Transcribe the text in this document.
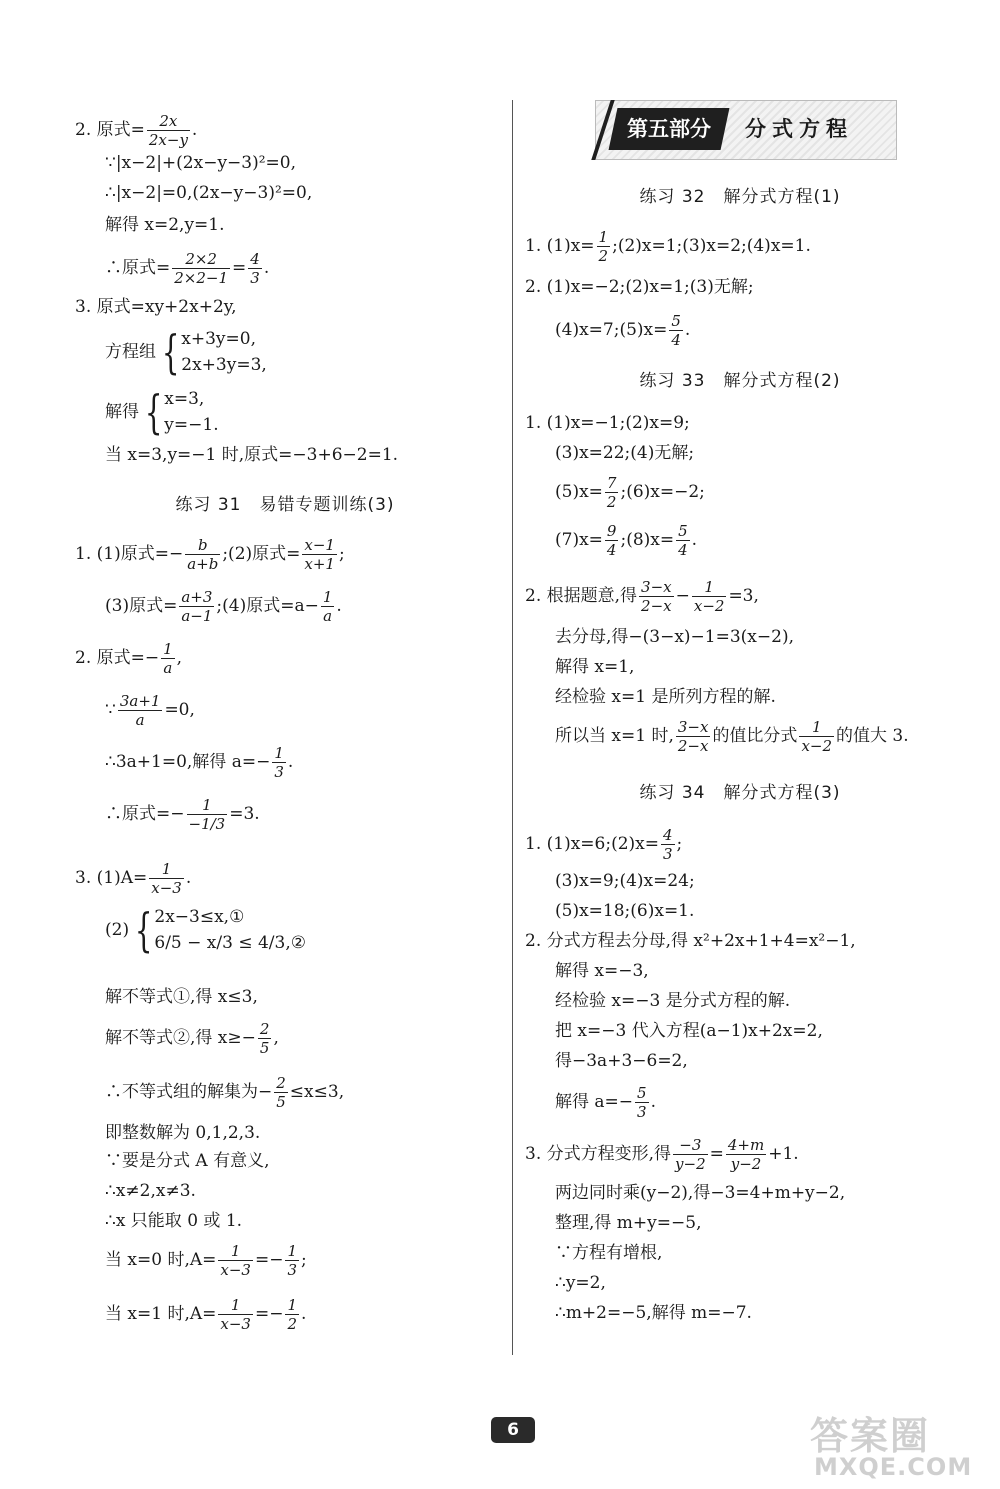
2. 原式= $\frac{2x}{2x-y}$ .
∵|x−2|+(2x−y−3)²=0,
∴|x−2|=0,(2x−y−3)²=0,
解得 x=2,y=1.
∴原式= $\frac{2\times 2}{2\times 2-1} = \frac{4}{3}$ .
3. 原式=xy+2x+2y,
方程组 { x+3y=0,
2x+3y=3,
解得 { x=3,
y=−1.
当 x=3,y=−1 时,原式=−3+6−2=1.
练习 31　易错专题训练(3)
1. (1)原式=− $\frac{b}{a+b}$ ;(2)原式= $\frac{x-1}{x+1}$ ;
(3)原式= $\frac{a+3}{a-1}$ ;(4)原式$=a- \frac{1}{a}$ .
2. 原式=− $\frac{1}{a}$ ,
∵ $\frac{3a+1}{a} =0$,
∴3a+1=0,解得 $a=- \frac{1}{3}$ .
∴原式=− $\frac{1}{-1/3} =3$.
3. $(1)A= \frac{1}{x-3}$ .
(2) { 2x−3≤x,①
6/5 − x/3 ≤ 4/3,②
解不等式①,得 x≤3,
解不等式②,得 $x\ge- \frac{2}{5}$ ,
∴不等式组的解集为− $\frac{2}{5} \le x\le 3$,
即整数解为 0,1,2,3.
∵要是分式 A 有意义,
∴x≠2,x≠3.
∴x 只能取 0 或 1.
当 x=0 时$,A= \frac{1}{x-3} =- \frac{1}{3}$ ;
当 x=1 时$,A= \frac{1}{x-3} =- \frac{1}{2}$ .
第五部分	分式方程
练习 32　解分式方程(1)
1. $(1)x= \frac{1}{2}$ ;(2)x=1;(3)x=2;(4)x=1.
2. (1)x=−2;(2)x=1;(3)无解;
(4)x=7;(5)x= $\frac{5}{4}$ .
练习 33　解分式方程(2)
1. (1)x=−1;(2)x=9;
(3)x=22;(4)无解;
$(5)x= \frac{7}{2}$ ;(6)x=−2;
$(7)x= \frac{9}{4}$ ;(8)x= $\frac{5}{4}$ .
2. 根据题意,得 $\frac{3-x}{2-x} - \frac{1}{x-2} =3$,
去分母,得−(3−x)−1=3(x−2),
解得 x=1,
经检验 x=1 是所列方程的解.
所以当 x=1 时, $\frac{3-x}{2-x}$ 的值比分式 $\frac{1}{x-2}$ 的值大 3.
练习 34　解分式方程(3)
1. (1)x=6;(2)x= $\frac{4}{3}$ ;
(3)x=9;(4)x=24;
(5)x=18;(6)x=1.
2. 分式方程去分母,得 x²+2x+1+4=x²−1,
解得 x=−3,
经检验 x=−3 是分式方程的解.
把 x=−3 代入方程(a−1)x+2x=2,
得−3a+3−6=2,
解得 $a=- \frac{5}{3}$ .
3. 分式方程变形,得 $\frac{-3}{y-2} = \frac{4+m}{y-2} +1$.
两边同时乘(y−2),得−3=4+m+y−2,
整理,得 m+y=−5,
∵方程有增根,
∴y=2,
∴m+2=−5,解得 m=−7.
6	答案圈
MXQE.COM
